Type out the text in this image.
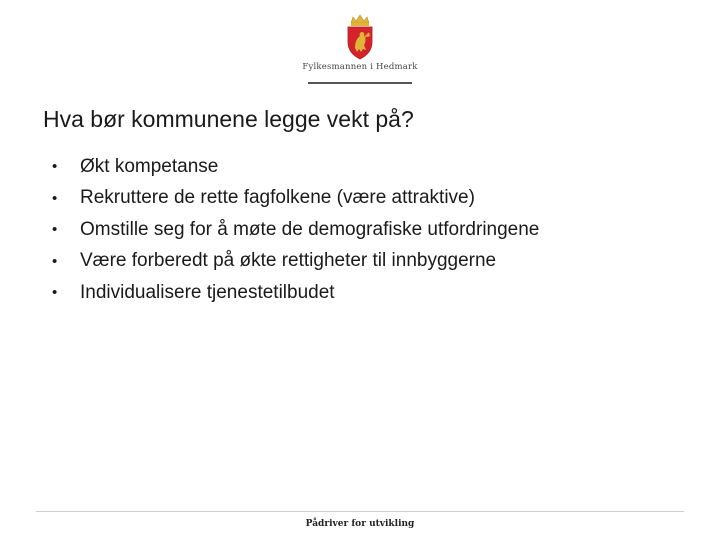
Fylkesmannen i Hedmark
Hva bør kommunene legge vekt på?
•	Økt kompetanse
•	Rekruttere de rette fagfolkene (være attraktive)
•	Omstille seg for å møte de demografiske utfordringene
•	Være forberedt på økte rettigheter til innbyggerne
•	Individualisere tjenestetilbudet
Pådriver for utvikling
